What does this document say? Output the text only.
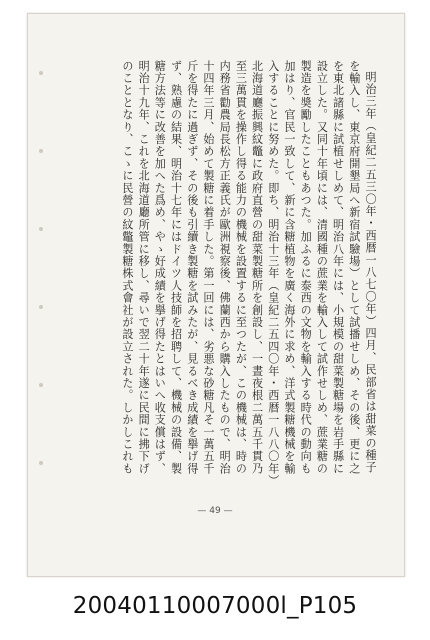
明治三年（皇紀二五三〇年・西暦一八七〇年）四月、民部省は甜菜の種子を輸入し、東京府開墾局へ新宿試驗場）として試播せしめ、その後、更に之を東北諸縣に試植せしめて、明治八年には、小規模の甜菜製糖場を岩手縣に設立した。又同十年頃には、清國種の蔗業を輸入して試作せしめ、蔗業糖の製造を奬勵したこともあつた。加ふるに泰西の文物を輸入する時代の動向も加はり、官民一致して、新に含糖植物を廣く海外に求め、洋式製糖機械を輸入することに努めた。即ち、明治十三年（皇紀二五四〇年・西暦一八八〇年）北海道廳振興紋鼈に政府直營の甜菜製糖所を創設し、一晝夜根二萬五千貫乃至三萬貫を操作し得る能力の機械を設置するに至つたが、この機械は、時の内務省勸農局長松方正義氏が歐洲視察後、佛蘭西から購入したもので、明治十四年三月、始めて製糖に着手した。第一回には、劣悪な砂糖凡そ一萬五千斤を得たに過ぎず、その後も引續き製糖を試みたが、見るべき成績を擧げ得ず、熟慮の結果、明治十七年にはドイツ人技師を招聘して、機械の設備、製糖方法等に改善を加へた爲め、やゝ好成績を擧げ得たとはいへ收支償はず、明治十九年、これを北海道廳所管に移し、尋いで翌二十年遂に民間に拂下げのこととなり、こゝに民營の紋鼈製糖株式會社が設立された。しかしこれも

— 49 —
20040110007000l_P105
